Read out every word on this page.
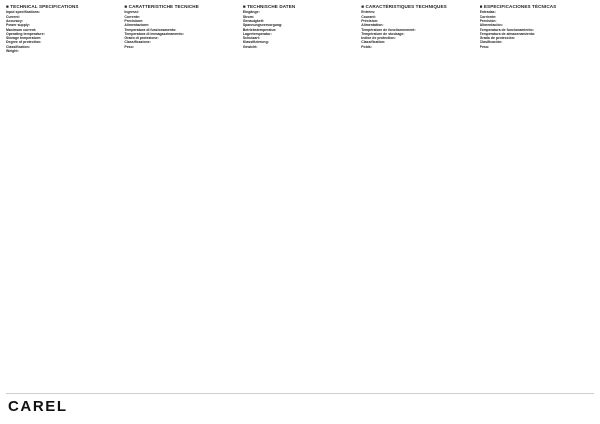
■ TECHNICAL SPECIFICATIONS
Input specifications:
Current:
Accuracy:
Power supply:
Maximum current:
Operating temperature:
Storage temperature:
Degree of protection:
Classification:
Weight:
■ CARATTERISTICHE TECNICHE
Ingressi:
Corrente:
Precisione:
Alimentazione:
Temperatura di funzionamento:
Temperatura di immagazzinamento:
Grado di protezione:
Classificazione:
Peso:
■ TECHNISCHE DATEN
Eingänge:
Strom:
Genauigkeit:
Spannungsversorgung:
Betriebstemperatur:
Lagertemperatur:
Schutzart:
Klassifizierung:
Gewicht:
■ CARACTÉRISTIQUES TECHNIQUES
Entrées:
Courant:
Précision:
Alimentation:
Température de fonctionnement:
Température de stockage:
Indice de protection:
Classification:
Poids:
■ ESPECIFICACIONES TÉCNICAS
Entradas:
Corriente:
Precisión:
Alimentación:
Temperatura de funcionamiento:
Temperatura de almacenamiento:
Grado de protección:
Clasificación:
Peso:
CAREL
